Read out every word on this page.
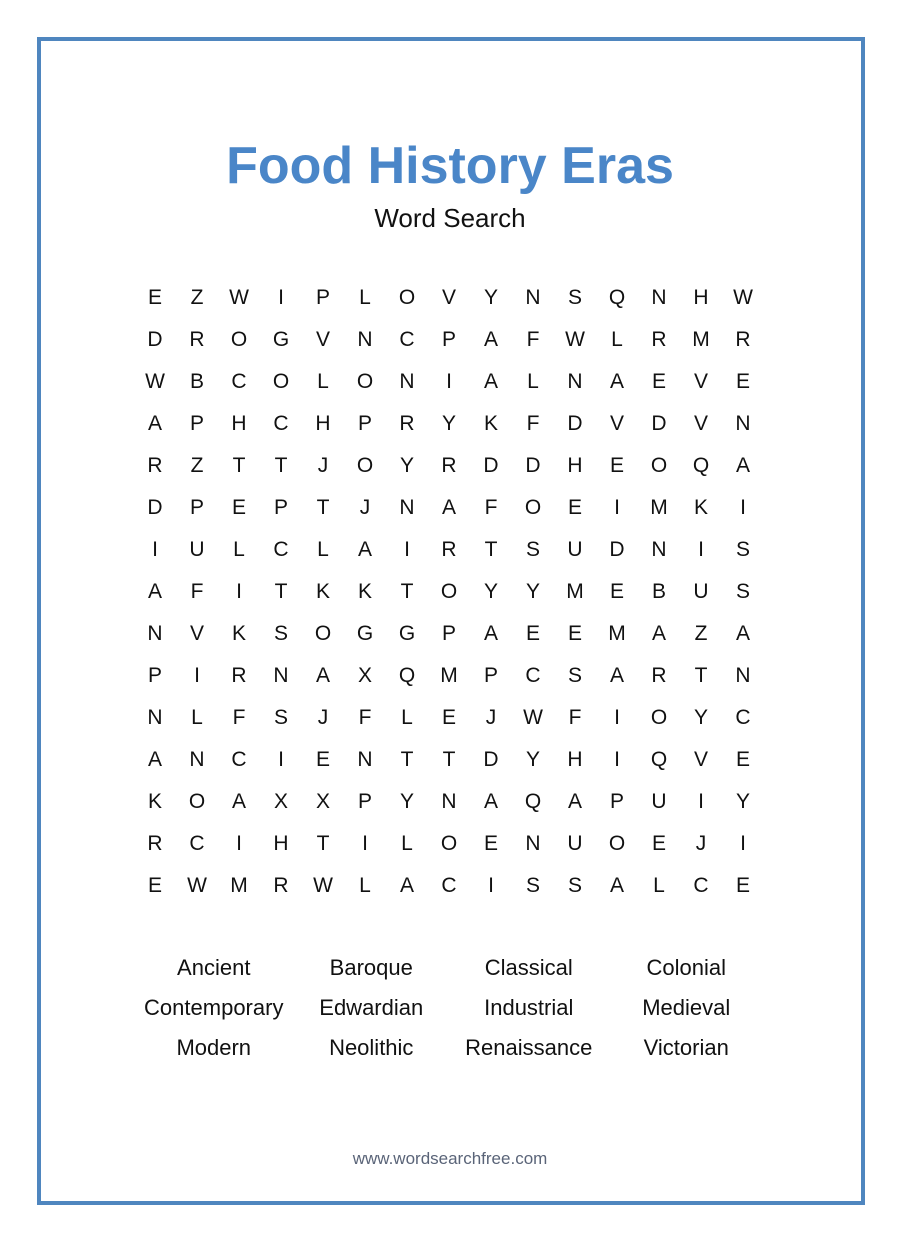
Food History Eras
Word Search
E	Z	W	I	P	L	O	V	Y	N	S	Q	N	H	W
D	R	O	G	V	N	C	P	A	F	W	L	R	M	R
W	B	C	O	L	O	N	I	A	L	N	A	E	V	E
A	P	H	C	H	P	R	Y	K	F	D	V	D	V	N
R	Z	T	T	J	O	Y	R	D	D	H	E	O	Q	A
D	P	E	P	T	J	N	A	F	O	E	I	M	K	I
I	U	L	C	L	A	I	R	T	S	U	D	N	I	S
A	F	I	T	K	K	T	O	Y	Y	M	E	B	U	S
N	V	K	S	O	G	G	P	A	E	E	M	A	Z	A
P	I	R	N	A	X	Q	M	P	C	S	A	R	T	N
N	L	F	S	J	F	L	E	J	W	F	I	O	Y	C
A	N	C	I	E	N	T	T	D	Y	H	I	Q	V	E
K	O	A	X	X	P	Y	N	A	Q	A	P	U	I	Y
R	C	I	H	T	I	L	O	E	N	U	O	E	J	I
E	W	M	R	W	L	A	C	I	S	S	A	L	C	E
Ancient	Baroque	Classical	Colonial
Contemporary	Edwardian	Industrial	Medieval
Modern	Neolithic	Renaissance	Victorian
www.wordsearchfree.com
